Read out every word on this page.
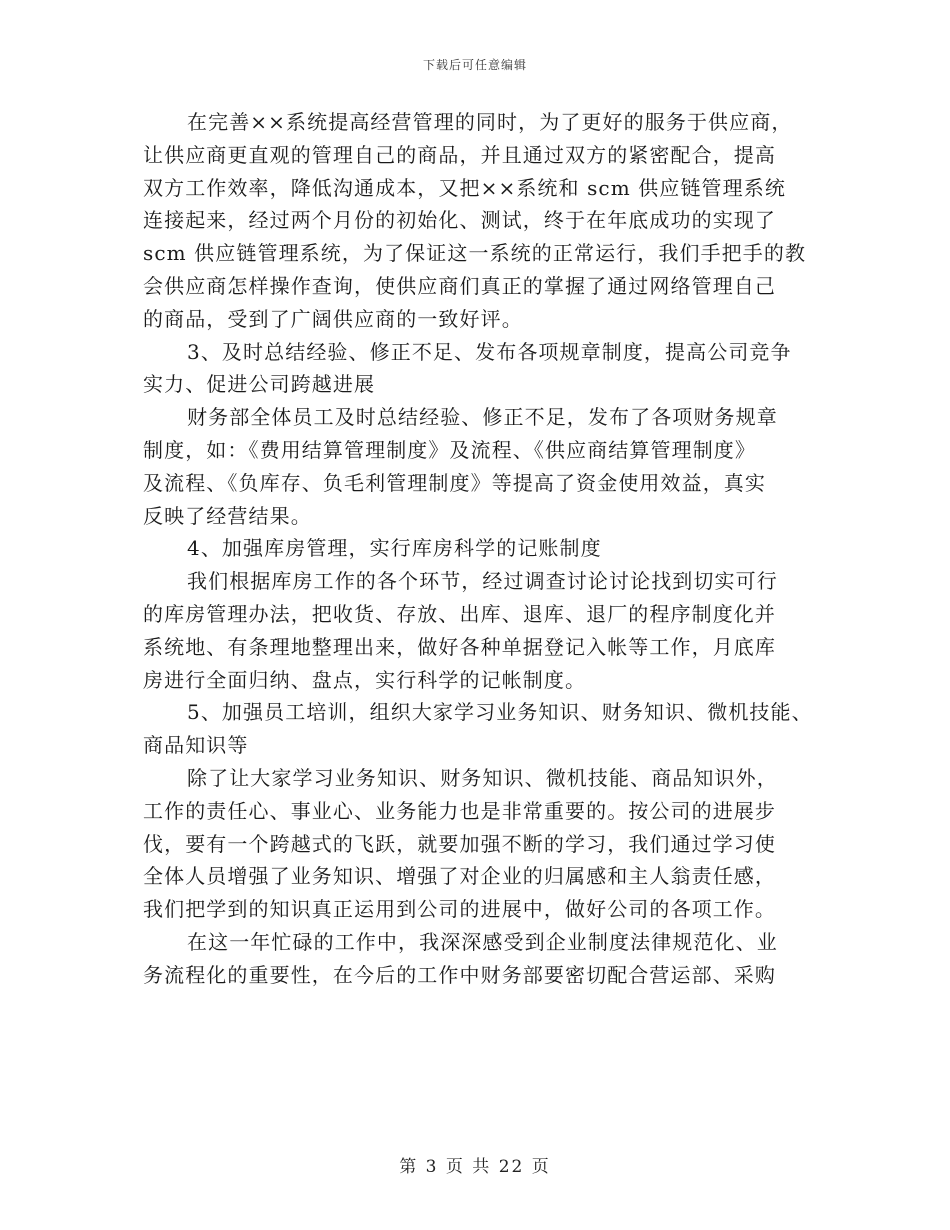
下载后可任意编辑
在完善××系统提高经营管理的同时，为了更好的服务于供应商，
让供应商更直观的管理自己的商品，并且通过双方的紧密配合，提高
双方工作效率，降低沟通成本，又把××系统和 scm 供应链管理系统
连接起来，经过两个月份的初始化、测试，终于在年底成功的实现了
scm 供应链管理系统，为了保证这一系统的正常运行，我们手把手的教
会供应商怎样操作查询，使供应商们真正的掌握了通过网络管理自己
的商品，受到了广阔供应商的一致好评。
3、及时总结经验、修正不足、发布各项规章制度，提高公司竞争
实力、促进公司跨越进展
财务部全体员工及时总结经验、修正不足，发布了各项财务规章
制度，如：《费用结算管理制度》及流程、《供应商结算管理制度》
及流程、《负库存、负毛利管理制度》等提高了资金使用效益，真实
反映了经营结果。
4、加强库房管理，实行库房科学的记账制度
我们根据库房工作的各个环节，经过调查讨论讨论找到切实可行
的库房管理办法，把收货、存放、出库、退库、退厂的程序制度化并
系统地、有条理地整理出来，做好各种单据登记入帐等工作，月底库
房进行全面归纳、盘点，实行科学的记帐制度。
5、加强员工培训，组织大家学习业务知识、财务知识、微机技能、
商品知识等
除了让大家学习业务知识、财务知识、微机技能、商品知识外，
工作的责任心、事业心、业务能力也是非常重要的。按公司的进展步
伐，要有一个跨越式的飞跃，就要加强不断的学习，我们通过学习使
全体人员增强了业务知识、增强了对企业的归属感和主人翁责任感，
我们把学到的知识真正运用到公司的进展中，做好公司的各项工作。
在这一年忙碌的工作中，我深深感受到企业制度法律规范化、业
务流程化的重要性，在今后的工作中财务部要密切配合营运部、采购
第 3 页 共 22 页
